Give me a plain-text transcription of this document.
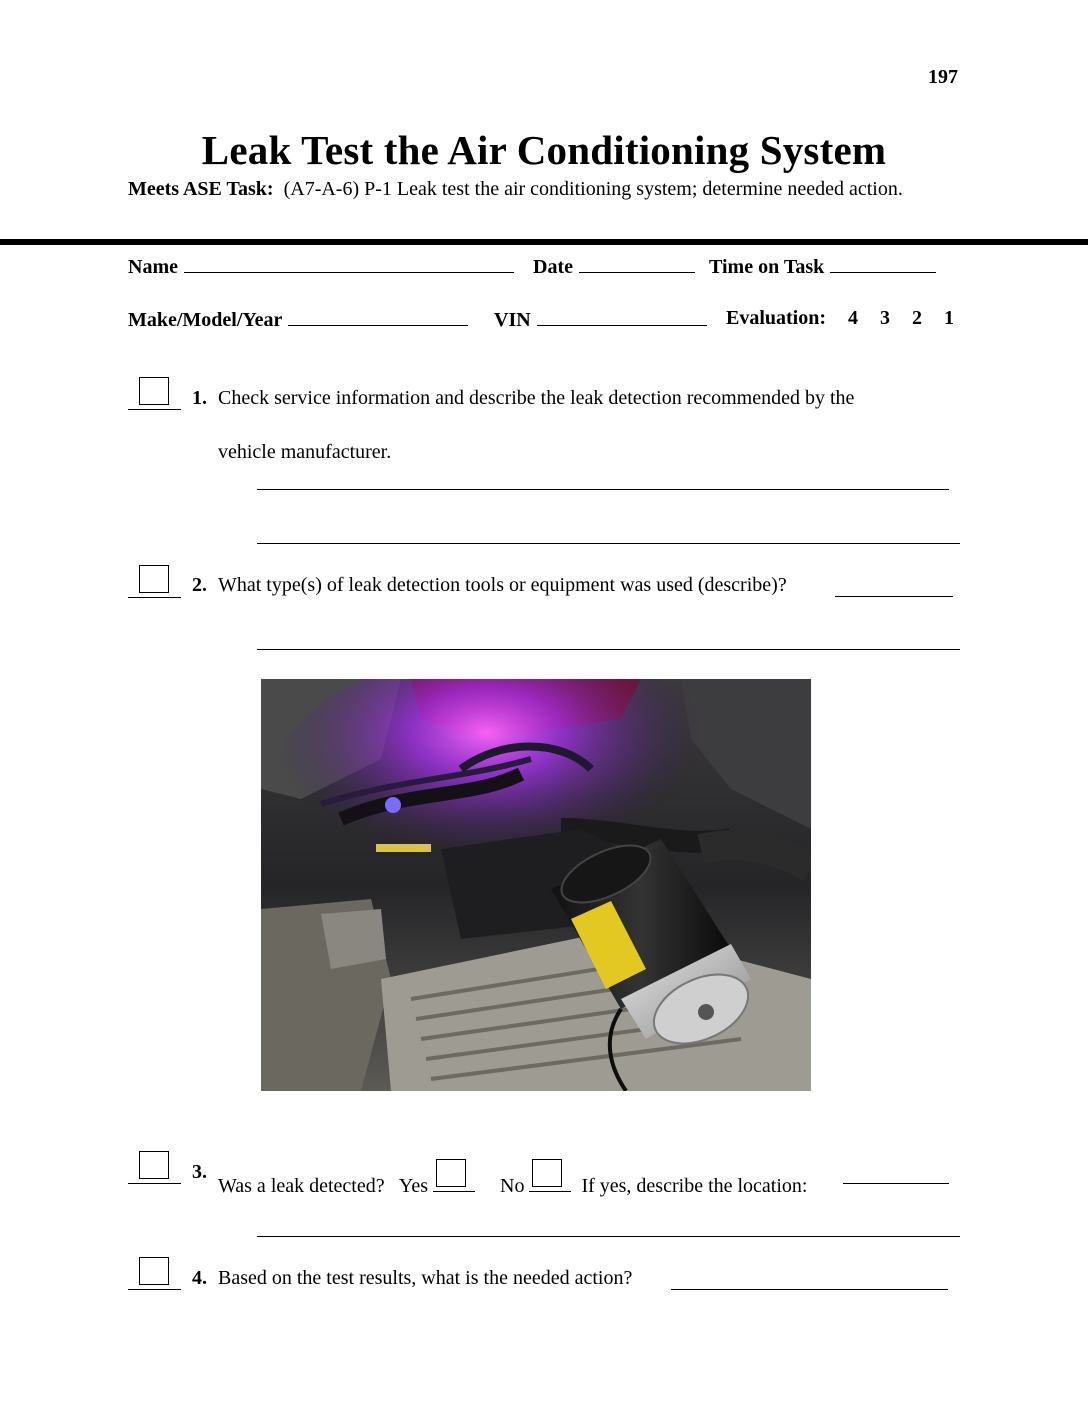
197
Leak Test the Air Conditioning System
Meets ASE Task: (A7-A-6) P-1 Leak test the air conditioning system; determine needed action.
Name	Date	Time on Task
Make/Model/Year	VIN	Evaluation: 4 3 2 1
1. Check service information and describe the leak detection recommended by the
vehicle manufacturer.
2. What type(s) of leak detection tools or equipment was used (describe)?
3.
Was a leak detected? Yes	No	If yes, describe the location:
4. Based on the test results, what is the needed action?
